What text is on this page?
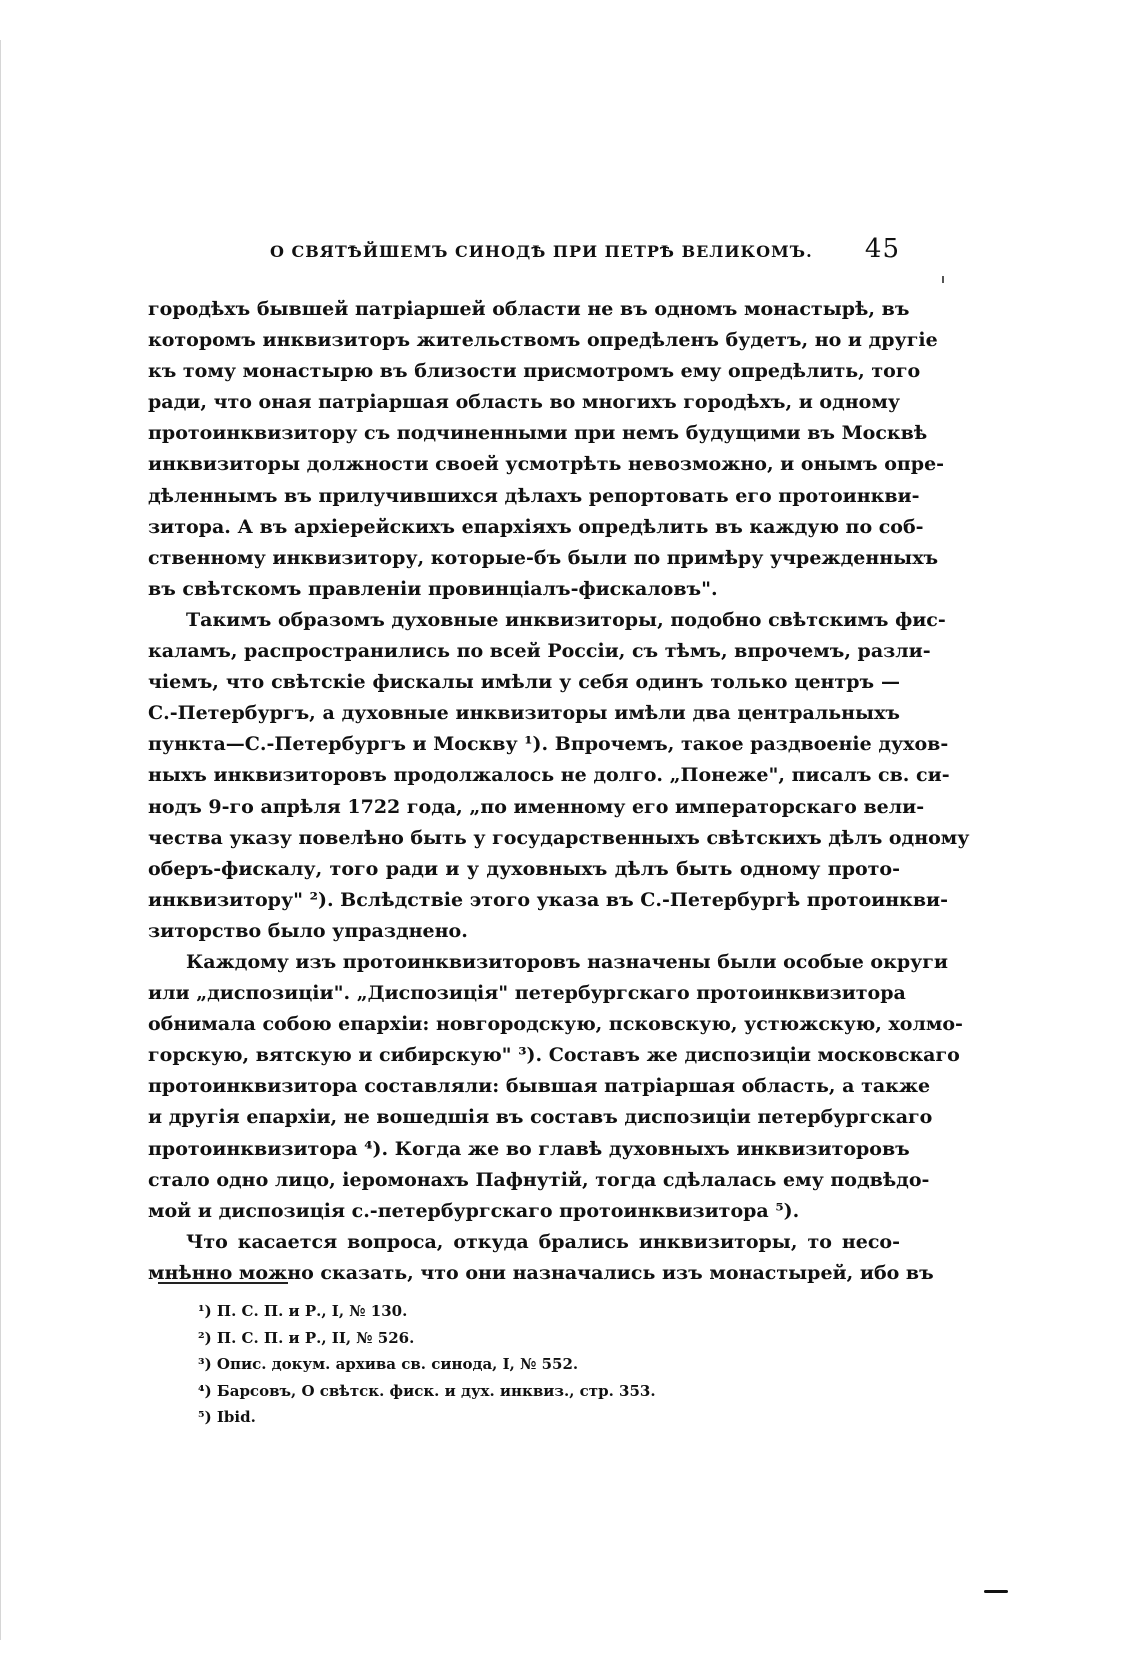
О СВЯТѢЙШЕМЪ СИНОДѢ ПРИ ПЕТРѢ ВЕЛИКОМЪ. 45
городѣхъ бывшей патріаршей области не въ одномъ монастырѣ, въ
которомъ инквизиторъ жительствомъ опредѣленъ будетъ, но и другіе
къ тому монастырю въ близости присмотромъ ему опредѣлить, того
ради, что оная патріаршая область во многихъ городѣхъ, и одному
протоинквизитору съ подчиненными при немъ будущими въ Москвѣ
инквизиторы должности своей усмотрѣть невозможно, и онымъ опре-
дѣленнымъ въ прилучившихся дѣлахъ репортовать его протоинкви-
зитора. А въ архіерейскихъ епархіяхъ опредѣлить въ каждую по соб-
ственному инквизитору, которые-бъ были по примѣру учрежденныхъ
въ свѣтскомъ правленіи провинціалъ-фискаловъ".
Такимъ образомъ духовные инквизиторы, подобно свѣтскимъ фис-
каламъ, распространились по всей Россіи, съ тѣмъ, впрочемъ, разли-
чіемъ, что свѣтскіе фискалы имѣли у себя одинъ только центръ —
С.-Петербургъ, а духовные инквизиторы имѣли два центральныхъ
пункта—С.-Петербургъ и Москву ¹). Впрочемъ, такое раздвоеніе духов-
ныхъ инквизиторовъ продолжалось не долго. „Понеже", писалъ св. си-
нодъ 9-го апрѣля 1722 года, „по именному его императорскаго вели-
чества указу повелѣно быть у государственныхъ свѣтскихъ дѣлъ одному
оберъ-фискалу, того ради и у духовныхъ дѣлъ быть одному прото-
инквизитору" ²). Вслѣдствіе этого указа въ С.-Петербургѣ протоинкви-
зиторство было упразднено.
Каждому изъ протоинквизиторовъ назначены были особые округи
или „диспозиціи". „Диспозиція" петербургскаго протоинквизитора
обнимала собою епархіи: новгородскую, псковскую, устюжскую, холмо-
горскую, вятскую и сибирскую" ³). Составъ же диспозиціи московскаго
протоинквизитора составляли: бывшая патріаршая область, а также
и другія епархіи, не вошедшія въ составъ диспозиціи петербургскаго
протоинквизитора ⁴). Когда же во главѣ духовныхъ инквизиторовъ
стало одно лицо, іеромонахъ Пафнутій, тогда сдѣлалась ему подвѣдо-
мой и диспозиція с.-петербургскаго протоинквизитора ⁵).
Что касается вопроса, откуда брались инквизиторы, то несо-
мнѣнно можно сказать, что они назначались изъ монастырей, ибо въ
¹) П. С. П. и Р., I, № 130.
²) П. С. П. и Р., II, № 526.
³) Опис. докум. архива св. синода, I, № 552.
⁴) Барсовъ, О свѣтск. фиск. и дух. инквиз., стр. 353.
⁵) Ibid.
